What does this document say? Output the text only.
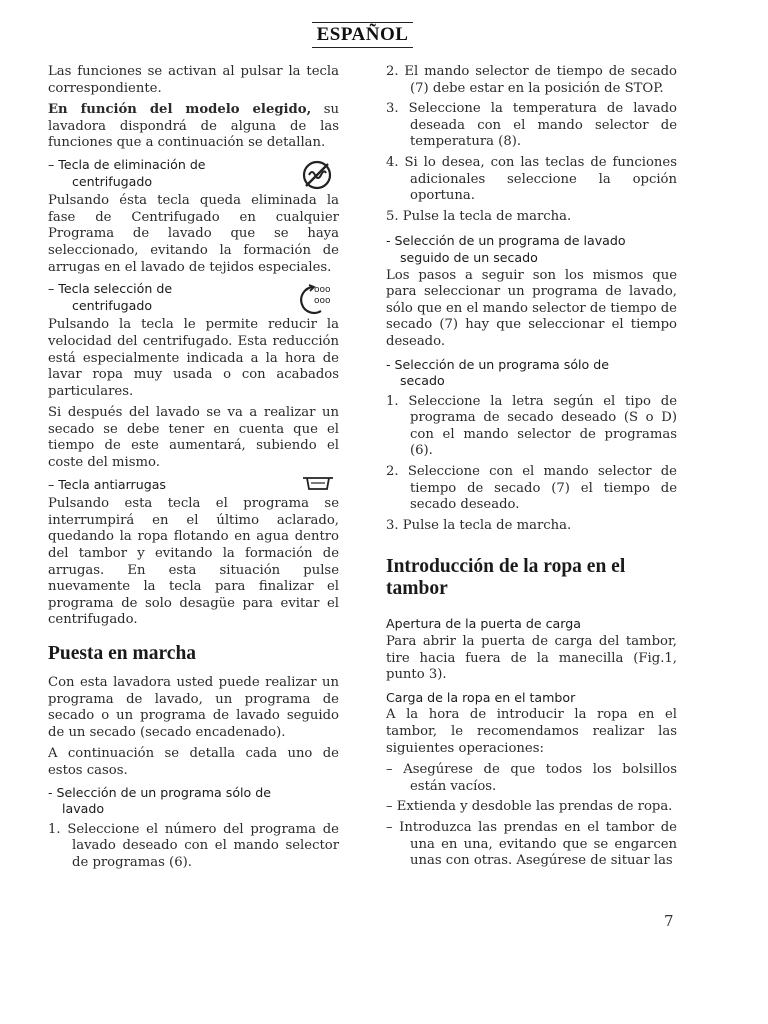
ESPAÑOL

Las funciones se activan al pulsar la tecla correspondiente.

En función del modelo elegido, su lavadora dispondrá de alguna de las funciones que a continuación se detallan.

– Tecla de eliminación de
centrifugado

Pulsando ésta tecla queda eliminada la fase de Centrifugado en cualquier Programa de lavado que se haya seleccionado, evitando la formación de arrugas en el lavado de tejidos especiales.

– Tecla selección de
centrifugado
ooo
ooo

Pulsando la tecla le permite reducir la velocidad del centrifugado. Esta reducción está especialmente indicada a la hora de lavar ropa muy usada o con acabados particulares.

Si después del lavado se va a realizar un secado se debe tener en cuenta que el tiempo de este aumentará, subiendo el coste del mismo.

– Tecla antiarrugas

Pulsando esta tecla el programa se interrumpirá en el último aclarado, quedando la ropa flotando en agua dentro del tambor y evitando la formación de arrugas. En esta situación pulse nuevamente la tecla para finalizar el programa de solo desagüe para evitar el centrifugado.

Puesta en marcha

Con esta lavadora usted puede realizar un programa de lavado, un programa de secado o un programa de lavado seguido de un secado (secado encadenado).

A continuación se detalla cada uno de estos casos.

- Selección de un programa sólo de
lavado

1. Seleccione el número del programa de lavado deseado con el mando selector de programas (6).

2. El mando selector de tiempo de secado (7) debe estar en la posición de STOP.

3. Seleccione la temperatura de lavado deseada con el mando selector de temperatura (8).

4. Si lo desea, con las teclas de funciones adicionales seleccione la opción oportuna.

5. Pulse la tecla de marcha.

- Selección de un programa de lavado
seguido de un secado

Los pasos a seguir son los mismos que para seleccionar un programa de lavado, sólo que en el mando selector de tiempo de secado (7) hay que seleccionar el tiempo deseado.

- Selección de un programa sólo de
secado

1. Seleccione la letra según el tipo de programa de secado deseado (S o D) con el mando selector de programas (6).

2. Seleccione con el mando selector de tiempo de secado (7) el tiempo de secado deseado.

3. Pulse la tecla de marcha.

Introducción de la ropa en el tambor
Apertura de la puerta de carga

Para abrir la puerta de carga del tambor, tire hacia fuera de la manecilla (Fig.1, punto 3).

Carga de la ropa en el tambor

A la hora de introducir la ropa en el tambor, le recomendamos realizar las siguientes operaciones:

– Asegúrese de que todos los bolsillos están vacíos.

– Extienda y desdoble las prendas de ropa.

– Introduzca las prendas en el tambor de una en una, evitando que se engarcen unas con otras. Asegúrese de situar las

7
